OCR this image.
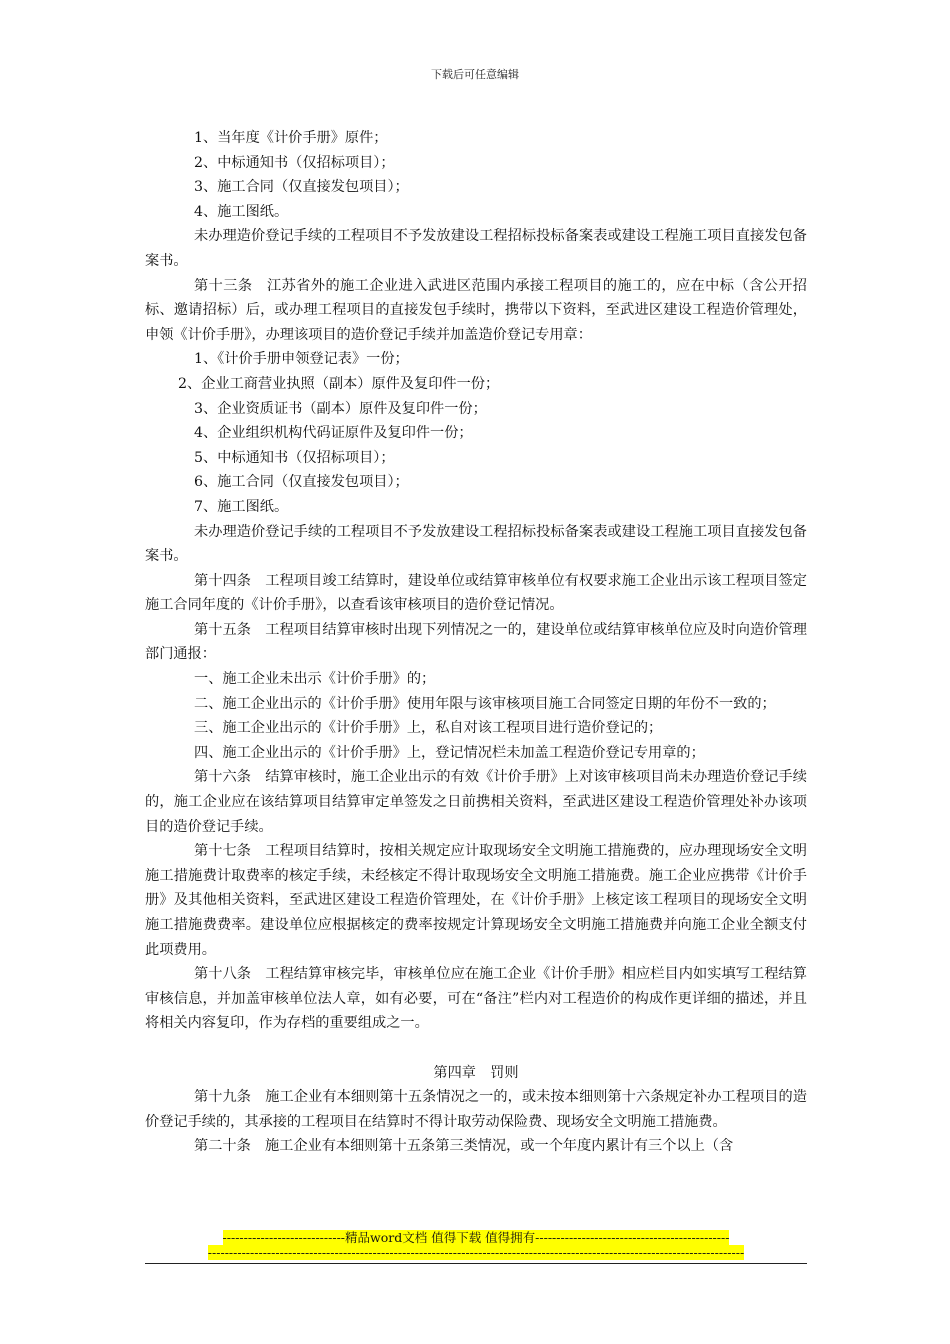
下载后可任意编辑

1、当年度《计价手册》原件；

2、中标通知书（仅招标项目）；

3、施工合同（仅直接发包项目）；

4、施工图纸。

未办理造价登记手续的工程项目不予发放建设工程招标投标备案表或建设工程施工项目直接发包备案书。

第十三条　江苏省外的施工企业进入武进区范围内承接工程项目的施工的，应在中标（含公开招标、邀请招标）后，或办理工程项目的直接发包手续时，携带以下资料，至武进区建设工程造价管理处，申领《计价手册》，办理该项目的造价登记手续并加盖造价登记专用章：

1、《计价手册申领登记表》一份；

2、企业工商营业执照（副本）原件及复印件一份；

3、企业资质证书（副本）原件及复印件一份；

4、企业组织机构代码证原件及复印件一份；

5、中标通知书（仅招标项目）；

6、施工合同（仅直接发包项目）；

7、施工图纸。

未办理造价登记手续的工程项目不予发放建设工程招标投标备案表或建设工程施工项目直接发包备案书。

第十四条　工程项目竣工结算时，建设单位或结算审核单位有权要求施工企业出示该工程项目签定施工合同年度的《计价手册》，以查看该审核项目的造价登记情况。

第十五条　工程项目结算审核时出现下列情况之一的，建设单位或结算审核单位应及时向造价管理部门通报：

一、施工企业未出示《计价手册》的；

二、施工企业出示的《计价手册》使用年限与该审核项目施工合同签定日期的年份不一致的；

三、施工企业出示的《计价手册》上，私自对该工程项目进行造价登记的；

四、施工企业出示的《计价手册》上，登记情况栏未加盖工程造价登记专用章的；

第十六条　结算审核时，施工企业出示的有效《计价手册》上对该审核项目尚未办理造价登记手续的，施工企业应在该结算项目结算审定单签发之日前携相关资料，至武进区建设工程造价管理处补办该项目的造价登记手续。

第十七条　工程项目结算时，按相关规定应计取现场安全文明施工措施费的，应办理现场安全文明施工措施费计取费率的核定手续，未经核定不得计取现场安全文明施工措施费。施工企业应携带《计价手册》及其他相关资料，至武进区建设工程造价管理处，在《计价手册》上核定该工程项目的现场安全文明施工措施费费率。建设单位应根据核定的费率按规定计算现场安全文明施工措施费并向施工企业全额支付此项费用。

第十八条　工程结算审核完毕，审核单位应在施工企业《计价手册》相应栏目内如实填写工程结算审核信息，并加盖审核单位法人章，如有必要，可在“备注”栏内对工程造价的构成作更详细的描述，并且将相关内容复印，作为存档的重要组成之一。

第四章　罚则

第十九条　施工企业有本细则第十五条情况之一的，或未按本细则第十六条规定补办工程项目的造价登记手续的，其承接的工程项目在结算时不得计取劳动保险费、现场安全文明施工措施费。

第二十条　施工企业有本细则第十五条第三类情况，或一个年度内累计有三个以上（含

-----------------------------精品word文档 值得下载 值得拥有----------------------------------------------
-------------------------------------------------------------------------------------------------------------------------------
